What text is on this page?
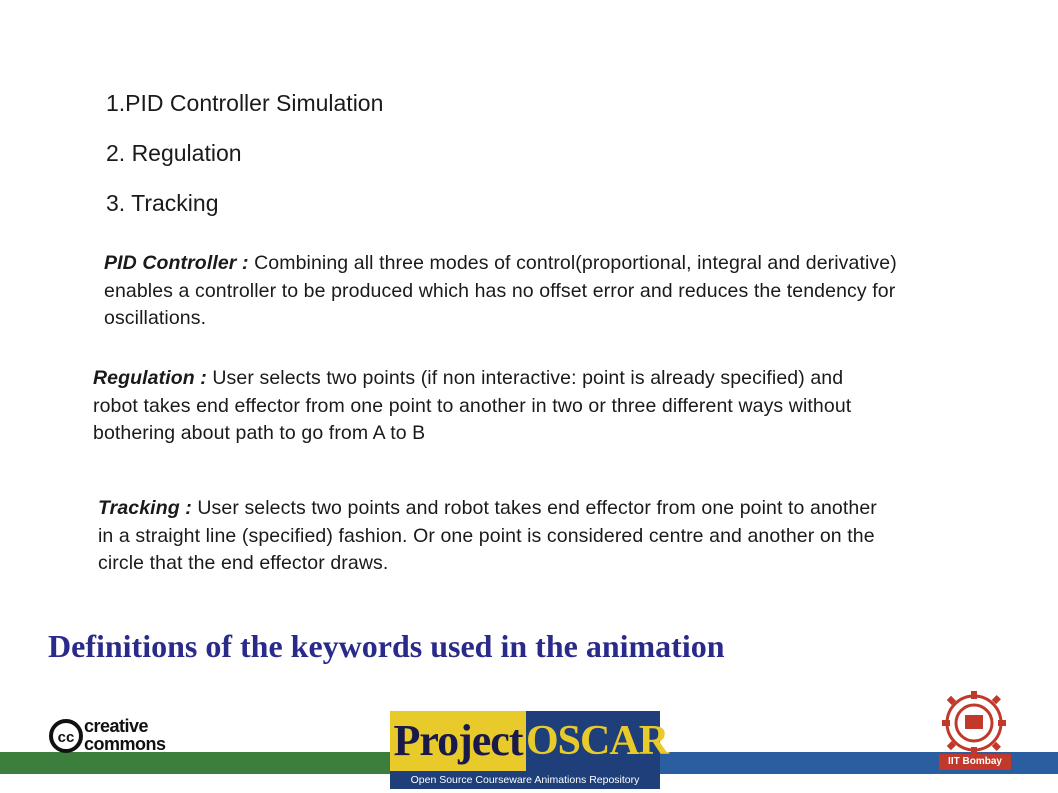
1.PID Controller Simulation
2. Regulation
3. Tracking
PID Controller : Combining all three modes of control(proportional, integral and derivative) enables a controller to be produced which has no offset error and reduces the tendency for oscillations.
Regulation : User selects two points (if non interactive: point is already specified) and robot takes end effector from one point to another in two or three different ways without bothering about path to go from A to B
Tracking : User selects two points and robot takes end effector from one point to another in a straight line (specified) fashion. Or one point is considered centre and another on the circle that the end effector draws.
Definitions of the keywords used in the animation
cc
creative
commons	Project OSCAR
Open Source Courseware Animations Repository
IIT Bombay
